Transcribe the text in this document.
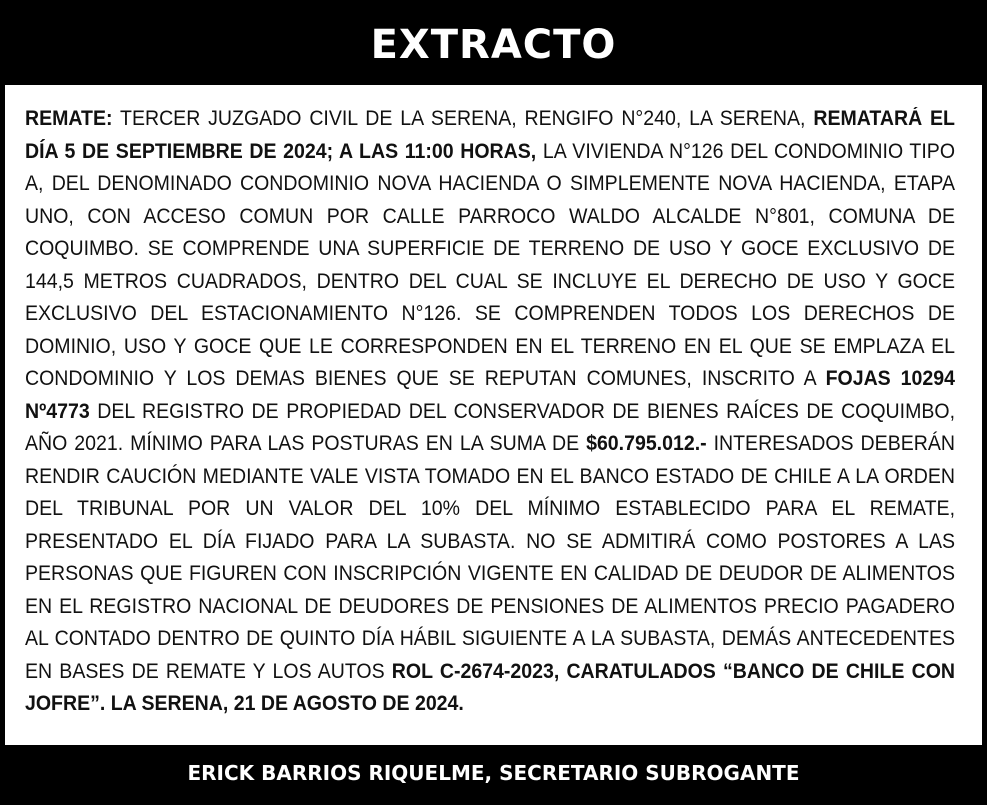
EXTRACTO
REMATE: TERCER JUZGADO CIVIL DE LA SERENA, RENGIFO N°240, LA SERENA, REMATARÁ EL DÍA 5 DE SEPTIEMBRE DE 2024; A LAS 11:00 HORAS, LA VIVIENDA N°126 DEL CONDOMINIO TIPO A, DEL DENOMINADO CONDOMINIO NOVA HACIENDA O SIMPLEMENTE NOVA HACIENDA, ETAPA UNO, CON ACCESO COMUN POR CALLE PARROCO WALDO ALCALDE N°801, COMUNA DE COQUIMBO. SE COMPRENDE UNA SUPERFICIE DE TERRENO DE USO Y GOCE EXCLUSIVO DE 144,5 METROS CUADRADOS, DENTRO DEL CUAL SE INCLUYE EL DERECHO DE USO Y GOCE EXCLUSIVO DEL ESTACIONAMIENTO N°126. SE COMPRENDEN TODOS LOS DERECHOS DE DOMINIO, USO Y GOCE QUE LE CORRESPONDEN EN EL TERRENO EN EL QUE SE EMPLAZA EL CONDOMINIO Y LOS DEMAS BIENES QUE SE REPUTAN COMUNES, INSCRITO A FOJAS 10294 Nº4773 DEL REGISTRO DE PROPIEDAD DEL CONSERVADOR DE BIENES RAÍCES DE COQUIMBO, AÑO 2021. MÍNIMO PARA LAS POSTURAS EN LA SUMA DE $60.795.012.- INTERESADOS DEBERÁN RENDIR CAUCIÓN MEDIANTE VALE VISTA TOMADO EN EL BANCO ESTADO DE CHILE A LA ORDEN DEL TRIBUNAL POR UN VALOR DEL 10% DEL MÍNIMO ESTABLECIDO PARA EL REMATE, PRESENTADO EL DÍA FIJADO PARA LA SUBASTA. NO SE ADMITIRÁ COMO POSTORES A LAS PERSONAS QUE FIGUREN CON INSCRIPCIÓN VIGENTE EN CALIDAD DE DEUDOR DE ALIMENTOS EN EL REGISTRO NACIONAL DE DEUDORES DE PENSIONES DE ALIMENTOS PRECIO PAGADERO AL CONTADO DENTRO DE QUINTO DÍA HÁBIL SIGUIENTE A LA SUBASTA, DEMÁS ANTECEDENTES EN BASES DE REMATE Y LOS AUTOS ROL C-2674-2023, CARATULADOS “BANCO DE CHILE CON JOFRE”. LA SERENA, 21 DE AGOSTO DE 2024.
ERICK BARRIOS RIQUELME, SECRETARIO SUBROGANTE
